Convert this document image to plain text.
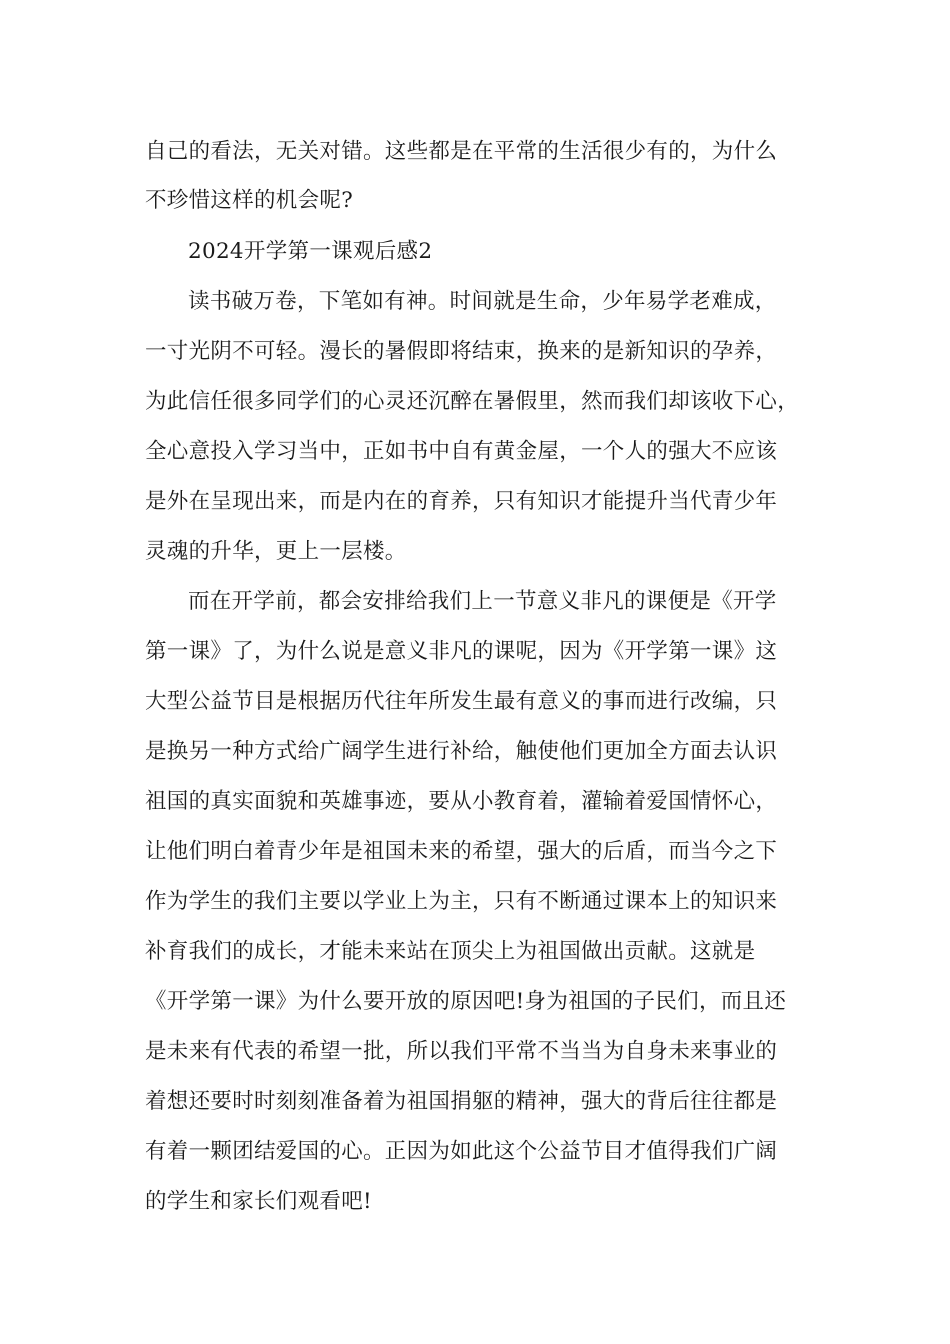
自己的看法，无关对错。这些都是在平常的生活很少有的，为什么
不珍惜这样的机会呢?
2024开学第一课观后感2
读书破万卷，下笔如有神。时间就是生命，少年易学老难成，
一寸光阴不可轻。漫长的暑假即将结束，换来的是新知识的孕养，
为此信任很多同学们的心灵还沉醉在暑假里，然而我们却该收下心，
全心意投入学习当中，正如书中自有黄金屋，一个人的强大不应该
是外在呈现出来，而是内在的育养，只有知识才能提升当代青少年
灵魂的升华，更上一层楼。
而在开学前，都会安排给我们上一节意义非凡的课便是《开学
第一课》了，为什么说是意义非凡的课呢，因为《开学第一课》这
大型公益节目是根据历代往年所发生最有意义的事而进行改编，只
是换另一种方式给广阔学生进行补给，触使他们更加全方面去认识
祖国的真实面貌和英雄事迹，要从小教育着，灌输着爱国情怀心，
让他们明白着青少年是祖国未来的希望，强大的后盾，而当今之下
作为学生的我们主要以学业上为主，只有不断通过课本上的知识来
补育我们的成长，才能未来站在顶尖上为祖国做出贡献。这就是
《开学第一课》为什么要开放的原因吧!身为祖国的子民们，而且还
是未来有代表的希望一批，所以我们平常不当当为自身未来事业的
着想还要时时刻刻准备着为祖国捐躯的精神，强大的背后往往都是
有着一颗团结爱国的心。正因为如此这个公益节目才值得我们广阔
的学生和家长们观看吧!
